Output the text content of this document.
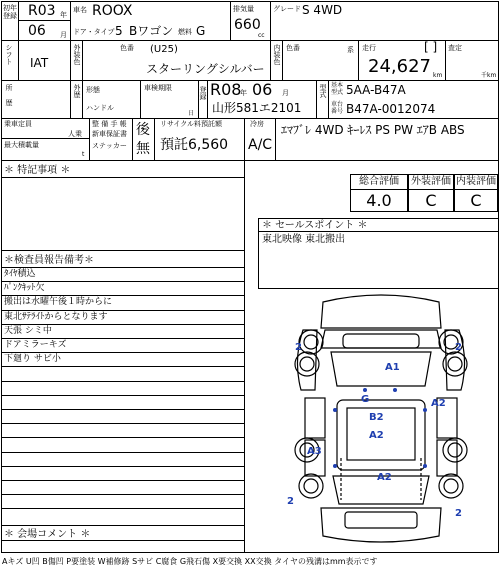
初年
登録 R03 年
06 月
車名 ROOX
ドア・タイプ 5 Bワゴン 燃料 G
排気量
660
cc
グレード S 4WD
シフト IAT	外装色	色番 (U25)
スターリングシルバー
内装色 色番	系 走行	[ ]
24,627 km
査定
千km
所歴	外歴 形態
ハンドル
車検期限
日
登録 R08
年 06 月
山形581エ2101
型式 基本
型式 5AA-B47A
車台
番号 B47A-0012074
乗車定員
人乗
最大積載量
t
整 備 手 帳
新車保証書
ステッカー
後
無
リサイクル料預託額
預託6,560
冷房
A/C
ｴﾏﾌﾞﾚ 4WD ｷｰﾚｽ PS PW ｴｱB ABS
＊ 特記事項 ＊
＊検査員報告備考＊
ﾀｲﾔ積込
ﾊﾟﾝｸｷｯﾄ欠
搬出は水曜午後１時からに
東北ｻﾃﾗｲﾄからとなります
天張 シミ中
ドアミラーキズ
下廻り サビ小
＊ 会場コメント ＊
総合評価
4.0
外装評価
C
内装評価
C
＊ セールスポイント ＊
東北映像 東北搬出
2
A1
2
G	A2
B2
A2
A3
A2
2
2
Aキズ U凹 B傷凹 P要塗装 W補修跡 Sサビ C腐食 G飛石傷 X要交換 XX交換 タイヤの残溝はmm表示です
